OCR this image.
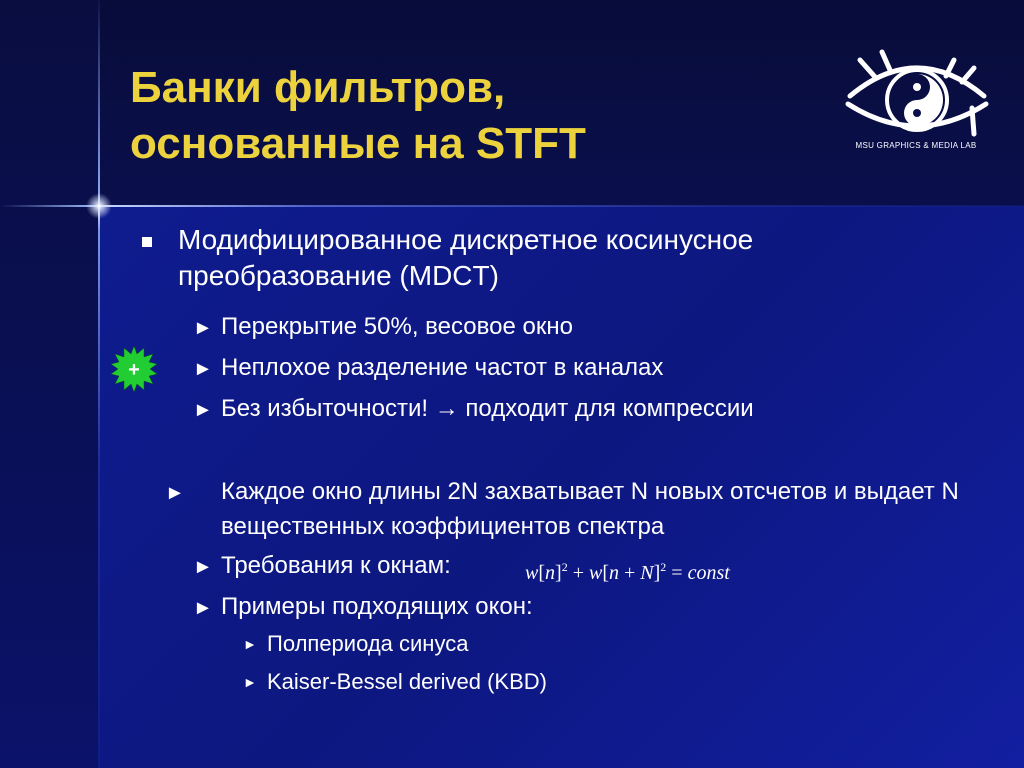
Банки фильтров,
основанные на STFT	MSU GRAPHICS & MEDIA LAB
Модифицированное дискретное косинусное
преобразование (MDCT)
► Перекрытие 50%, весовое окно
► Неплохое разделение частот в каналах
► Без избыточности! → подходит для компрессии
► Каждое окно длины 2N захватывает N новых отсчетов и выдает N вещественных коэффициентов спектра
► Требования к окнам:
► Примеры подходящих окон:
► Полпериода синуса
► Kaiser-Bessel derived (KBD)
$w[n]^2 + w[n + N]^2$ = const
+
